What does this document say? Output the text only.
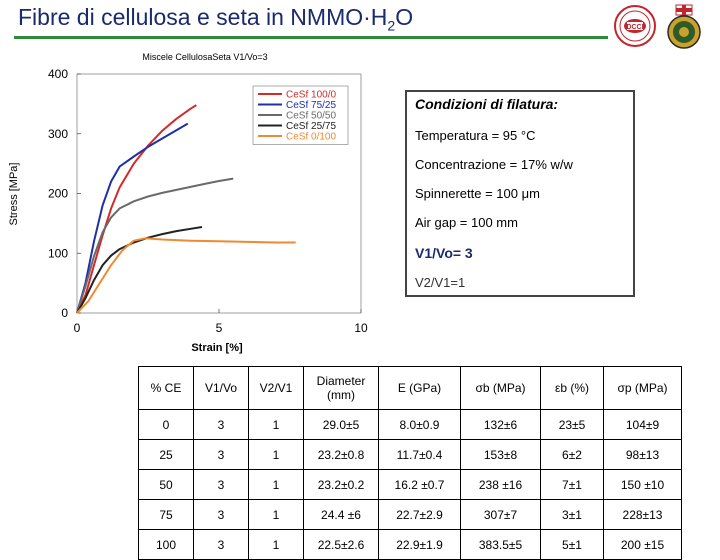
Fibre di cellulosa e seta in $NMMO\cdot H_2O$	DCCI
Miscele CellulosaSeta V1/Vo=3
0
100
200
300
400
0	5	10
CeSf 100/0
CeSf 75/25
CeSf 50/50
CeSf 25/75
CeSf 0/100
Strain [%]
Stress [MPa]
Condizioni di filatura:
Temperatura = 95 °C
Concentrazione = 17% w/w
Spinnerette = 100 μm
Air gap = 100 mm
V1/Vo= 3
V2/V1=1
% CE	V1/Vo	V2/V1	Diameter (mm)	E (GPa)	σb (MPa)	εb (%)	σp (MPa)
0	3	1	29.0±5	8.0±0.9	132±6	23±5	104±9
25	3	1	23.2±0.8	11.7±0.4	153±8	6±2	98±13
50	3	1	23.2±0.2	16.2 ±0.7	238 ±16	7±1	150 ±10
75	3	1	24.4 ±6	22.7±2.9	307±7	3±1	228±13
100	3	1	22.5±2.6	22.9±1.9	383.5±5	5±1	200 ±15
